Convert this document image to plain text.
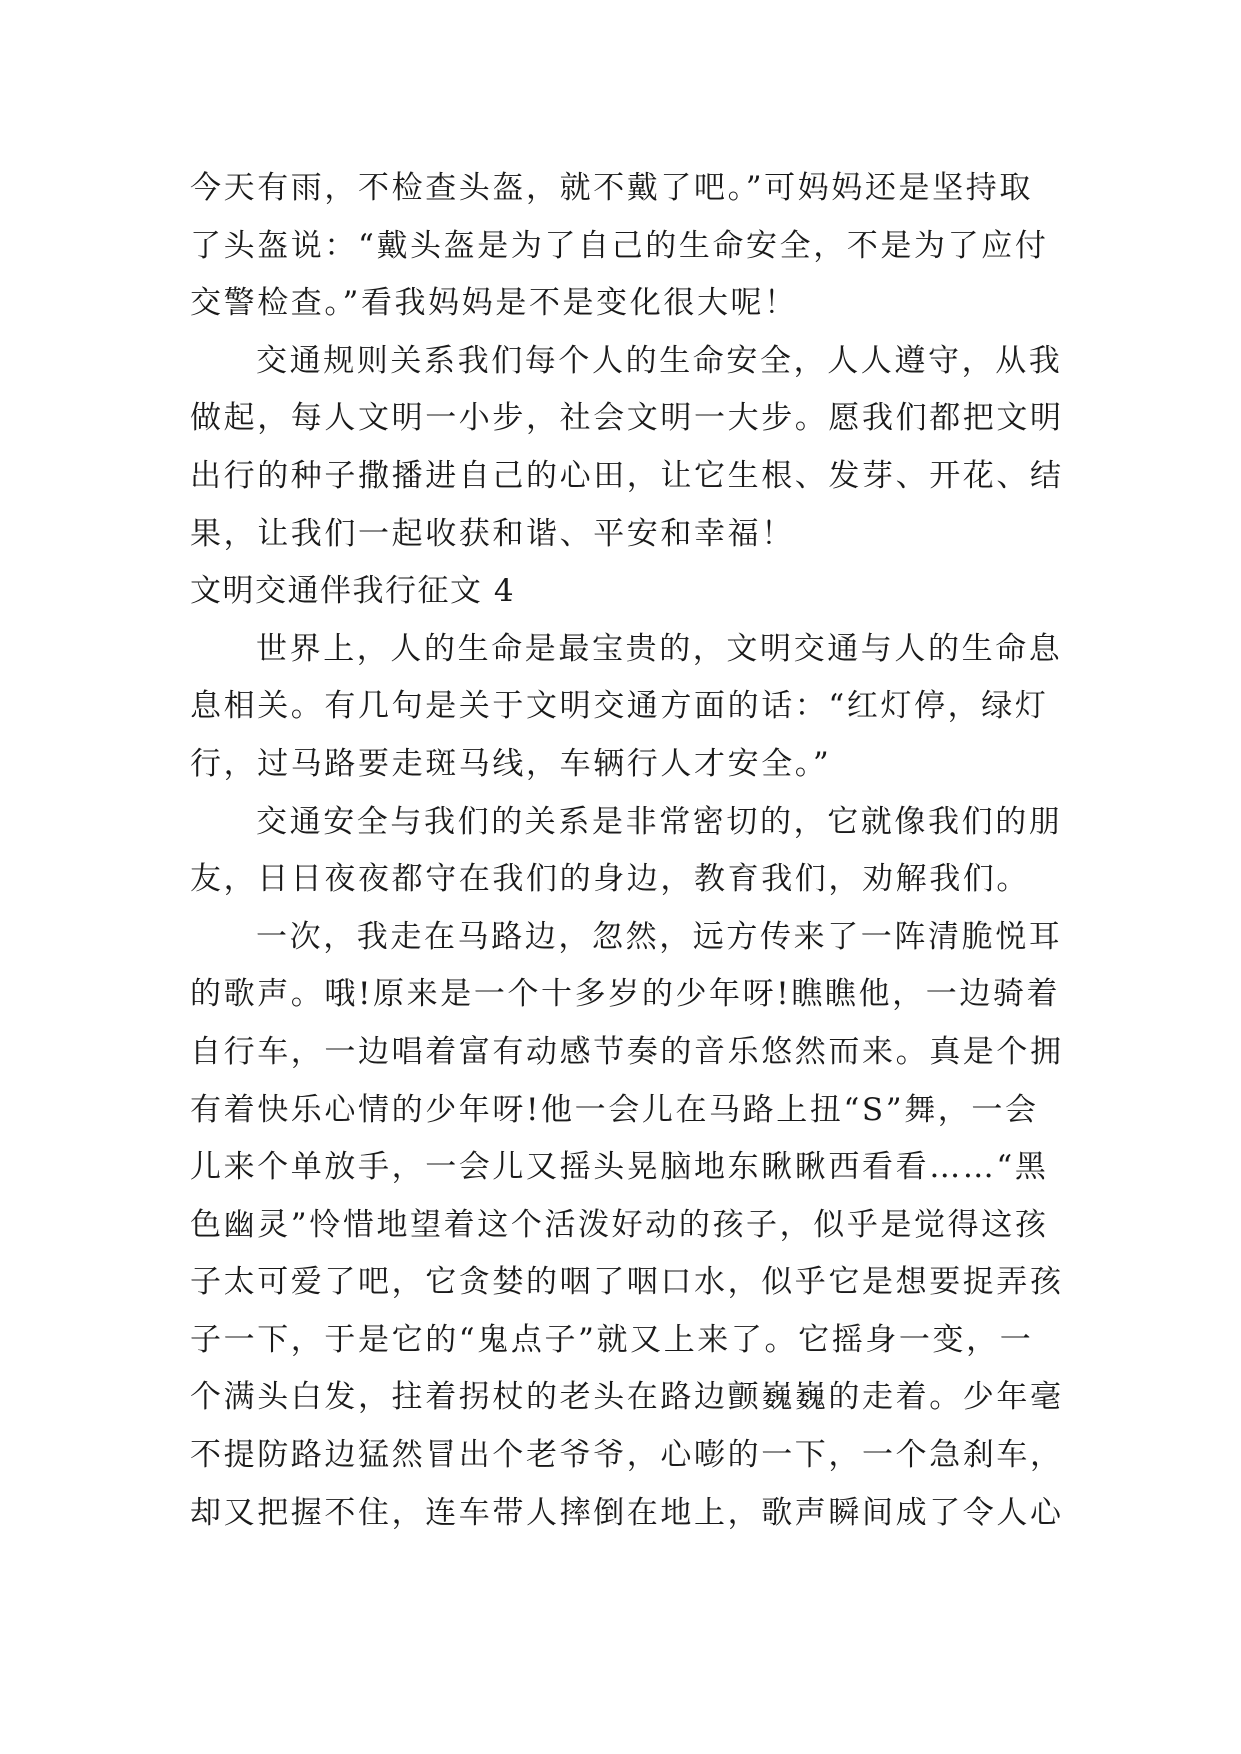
今天有雨，不检查头盔，就不戴了吧。”可妈妈还是坚持取
了头盔说：“戴头盔是为了自己的生命安全，不是为了应付
交警检查。”看我妈妈是不是变化很大呢！
交通规则关系我们每个人的生命安全，人人遵守，从我
做起，每人文明一小步，社会文明一大步。愿我们都把文明
出行的种子撒播进自己的心田，让它生根、发芽、开花、结
果，让我们一起收获和谐、平安和幸福！
文明交通伴我行征文 4
世界上，人的生命是最宝贵的，文明交通与人的生命息
息相关。有几句是关于文明交通方面的话：“红灯停，绿灯
行，过马路要走斑马线，车辆行人才安全。”
交通安全与我们的关系是非常密切的，它就像我们的朋
友，日日夜夜都守在我们的身边，教育我们，劝解我们。
一次，我走在马路边，忽然，远方传来了一阵清脆悦耳
的歌声。哦!原来是一个十多岁的少年呀!瞧瞧他，一边骑着
自行车，一边唱着富有动感节奏的音乐悠然而来。真是个拥
有着快乐心情的少年呀!他一会儿在马路上扭“S”舞，一会
儿来个单放手，一会儿又摇头晃脑地东瞅瞅西看看……“黑
色幽灵”怜惜地望着这个活泼好动的孩子，似乎是觉得这孩
子太可爱了吧，它贪婪的咽了咽口水，似乎它是想要捉弄孩
子一下，于是它的“鬼点子”就又上来了。它摇身一变，一
个满头白发，拄着拐杖的老头在路边颤巍巍的走着。少年毫
不提防路边猛然冒出个老爷爷，心嘭的一下，一个急刹车，
却又把握不住，连车带人摔倒在地上，歌声瞬间成了令人心
